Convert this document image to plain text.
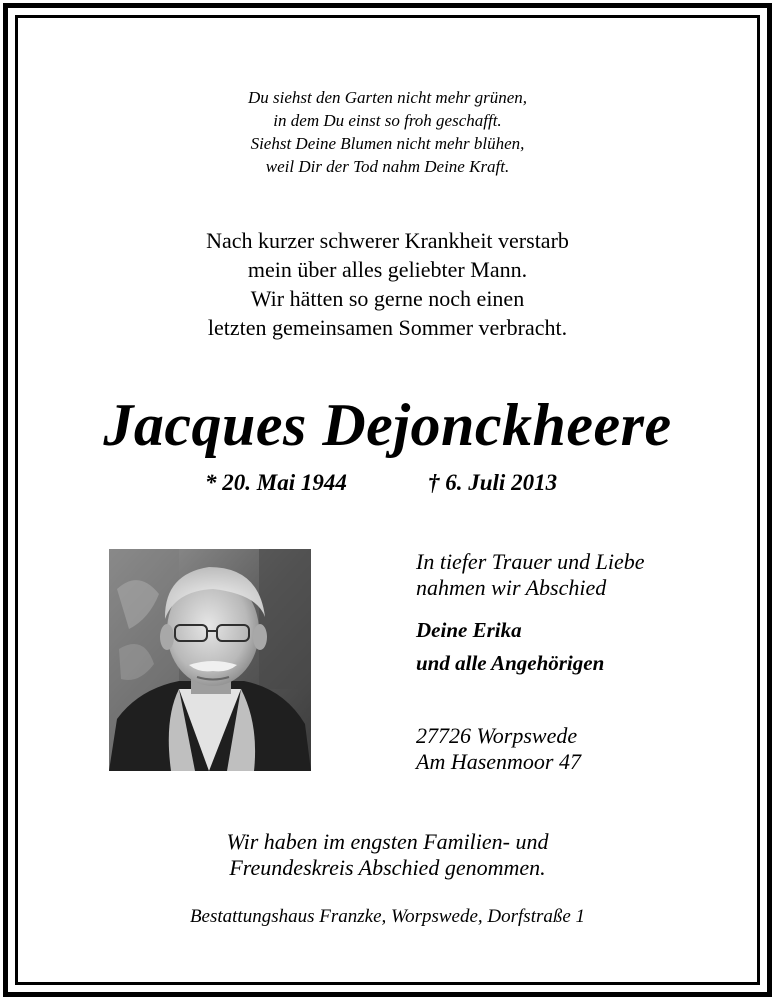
Du siehst den Garten nicht mehr grünen,
in dem Du einst so froh geschafft.
Siehst Deine Blumen nicht mehr blühen,
weil Dir der Tod nahm Deine Kraft.
Nach kurzer schwerer Krankheit verstarb
mein über alles geliebter Mann.
Wir hätten so gerne noch einen
letzten gemeinsamen Sommer verbracht.
Jacques Dejonckheere
* 20. Mai 1944	† 6. Juli 2013
In tiefer Trauer und Liebe
nahmen wir Abschied
Deine Erika
und alle Angehörigen
27726 Worpswede
Am Hasenmoor 47
Wir haben im engsten Familien- und
Freundeskreis Abschied genommen.
Bestattungshaus Franzke, Worpswede, Dorfstraße 1
